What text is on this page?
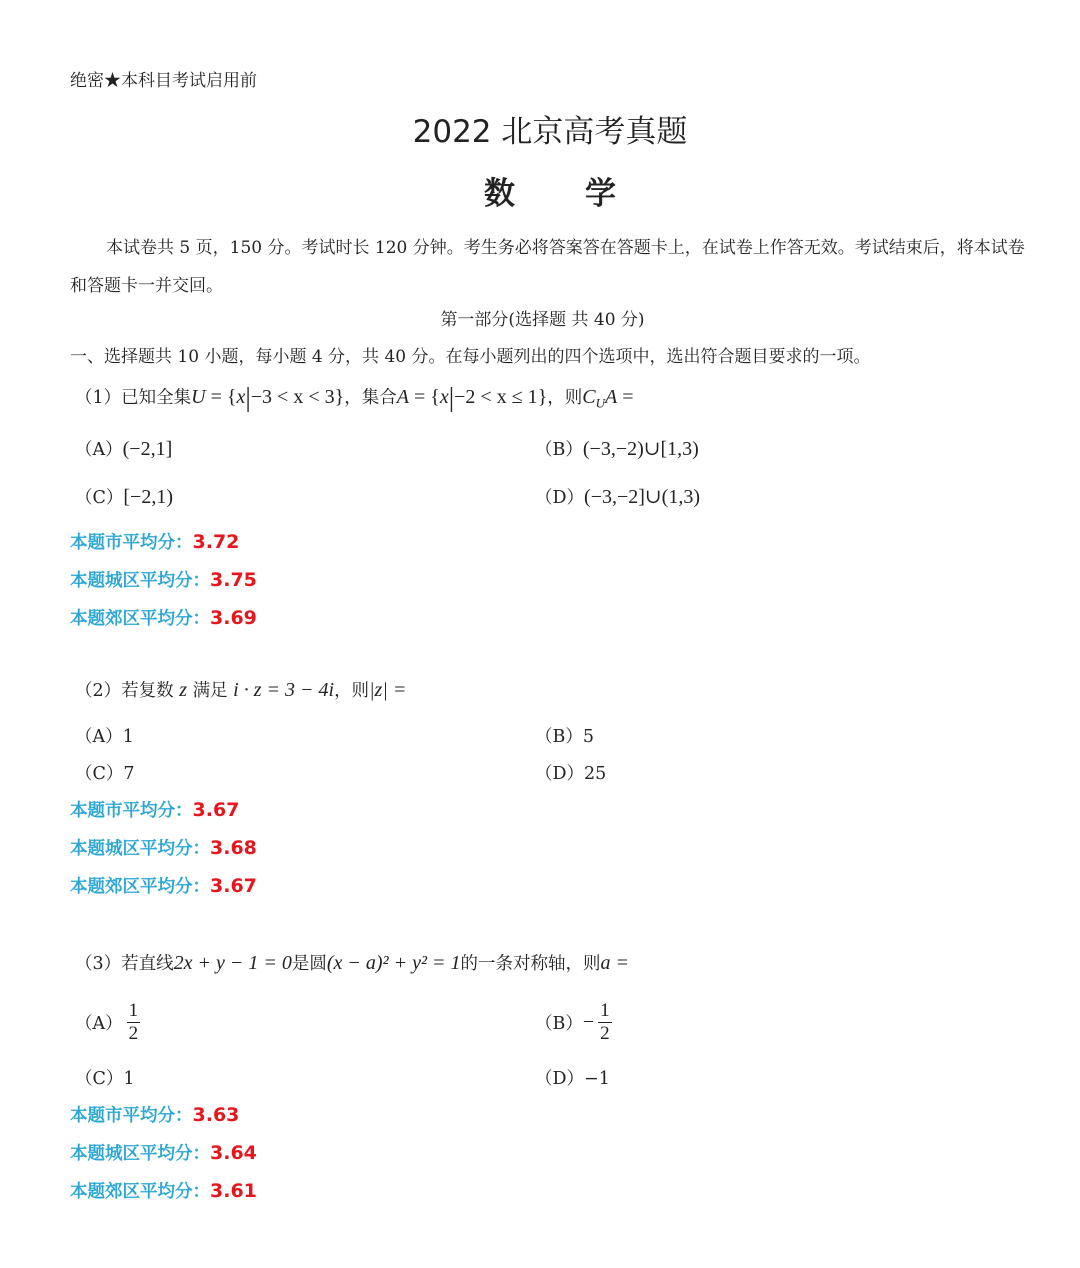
绝密★本科目考试启用前
2022 北京高考真题
数学
本试卷共 5 页，150 分。考试时长 120 分钟。考生务必将答案答在答题卡上，在试卷上作答无效。考试结束后，将本试卷和答题卡一并交回。
第一部分(选择题 共 40 分)
一、选择题共 10 小题，每小题 4 分，共 40 分。在每小题列出的四个选项中，选出符合题目要求的一项。
（1）已知全集U = {x|−3 < x < 3}，集合A = {x|−2 < x ≤ 1}，则$C_UA$ =
（A）(−2,1]	（B）(−3,−2)∪[1,3)
（C）[−2,1)	（D）(−3,−2]∪(1,3)
本题市平均分：3.72
本题城区平均分：3.75
本题郊区平均分：3.69
（2）若复数 z 满足 i · z = 3 − 4i，则|z| =
（A）1	（B）5
（C）7	（D）25
本题市平均分：3.67
本题城区平均分：3.68
本题郊区平均分：3.67
（3）若直线2x + y − 1 = 0是圆(x − a)² + y² = 1的一条对称轴，则a =
$(A) \frac{1}{2}$	$(B)- \frac{1}{2}$
（C）1	（D）−1
本题市平均分：3.63
本题城区平均分：3.64
本题郊区平均分：3.61
